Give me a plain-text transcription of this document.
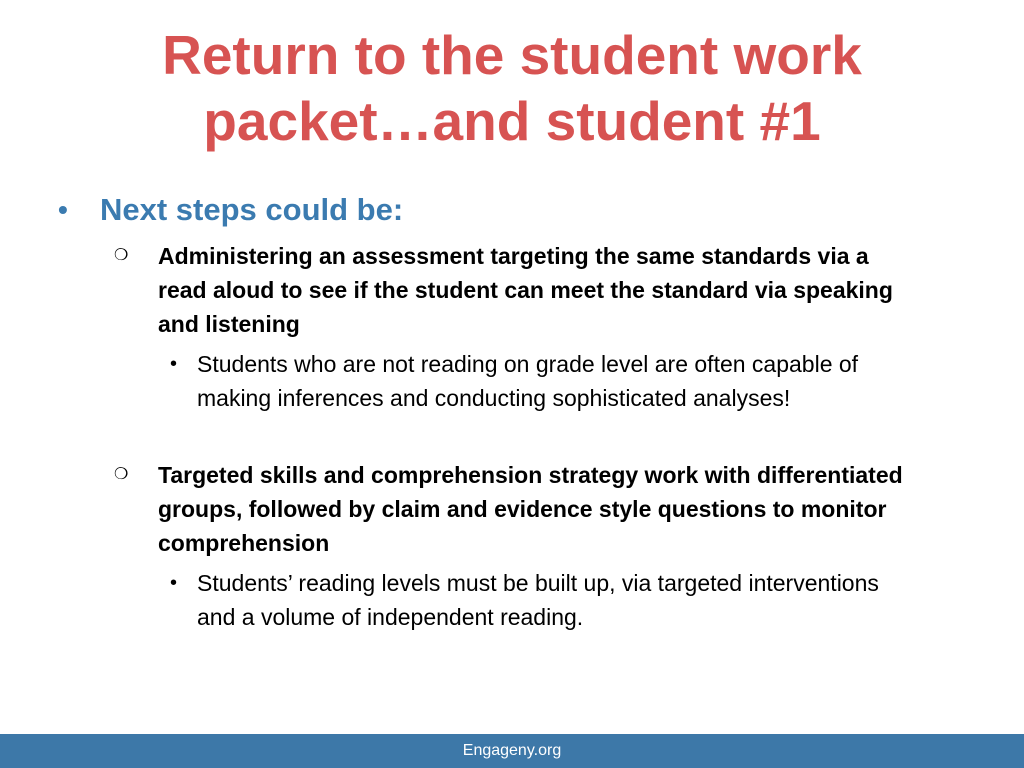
Return to the student work
packet…and student #1
• Next steps could be:
❍ Administering an assessment targeting the same standards via a read aloud to see if the student can meet the standard via speaking and listening
• Students who are not reading on grade level are often capable of making inferences and conducting sophisticated analyses!
❍ Targeted skills and comprehension strategy work with differentiated groups, followed by claim and evidence style questions to monitor comprehension
• Students’ reading levels must be built up, via targeted interventions and a volume of independent reading.
Engageny.org
